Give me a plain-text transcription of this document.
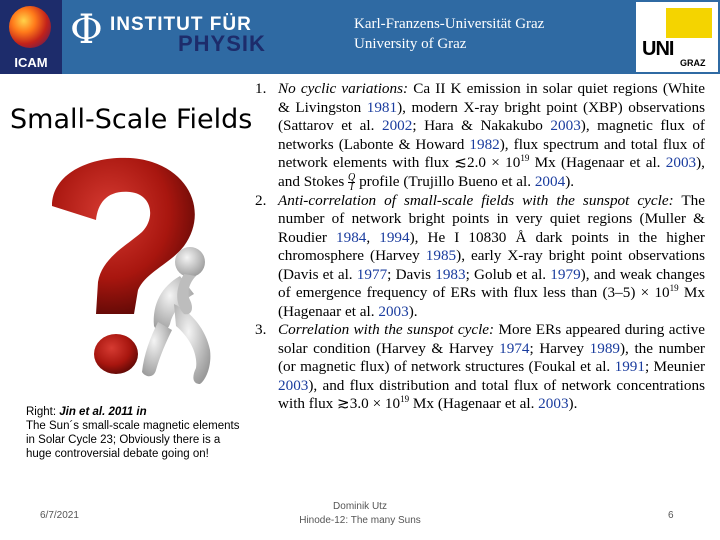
ICAM
Φ INSTITUT FÜR
PHYSIK
Karl-Franzens-Universität Graz
University of Graz	UNI
GRAZ
Small-Scale Fields
Right: Jin et al. 2011 in
The Sun´s small-scale magnetic elements in Solar Cycle 23; Obviously there is a huge controversial debate going on!
1. No cyclic variations: Ca II K emission in solar quiet regions (White & Livingston 1981), modern X-ray bright point (XBP) observations (Sattarov et al. 2002; Hara & Nakakubo 2003), magnetic flux of networks (Labonte & Howard 1982), flux spectrum and total flux of network elements with flux ≲2.0 × $10^{19}$ Mx (Hagenaar et al. 2003), and Stokes $\frac{Q}{I}$ profile (Trujillo Bueno et al. 2004).
2. Anti-correlation of small-scale fields with the sunspot cycle: The number of network bright points in very quiet regions (Muller & Roudier 1984, 1994), He I 10830 Å dark points in the higher chromosphere (Harvey 1985), early X-ray bright point observations (Davis et al. 1977; Davis 1983; Golub et al. 1979), and weak changes of emergence frequency of ERs with flux less than $(3-5) \times 10^{19}$ Mx (Hagenaar et al. 2003).
3. Correlation with the sunspot cycle: More ERs appeared during active solar condition (Harvey & Harvey 1974; Harvey 1989), the number (or magnetic flux) of network structures (Foukal et al. 1991; Meunier 2003), and flux distribution and total flux of network concentrations with flux ≳3.0 × $10^{19}$ Mx (Hagenaar et al. 2003).
6/7/2021
Dominik Utz
Hinode-12: The many Suns	6
